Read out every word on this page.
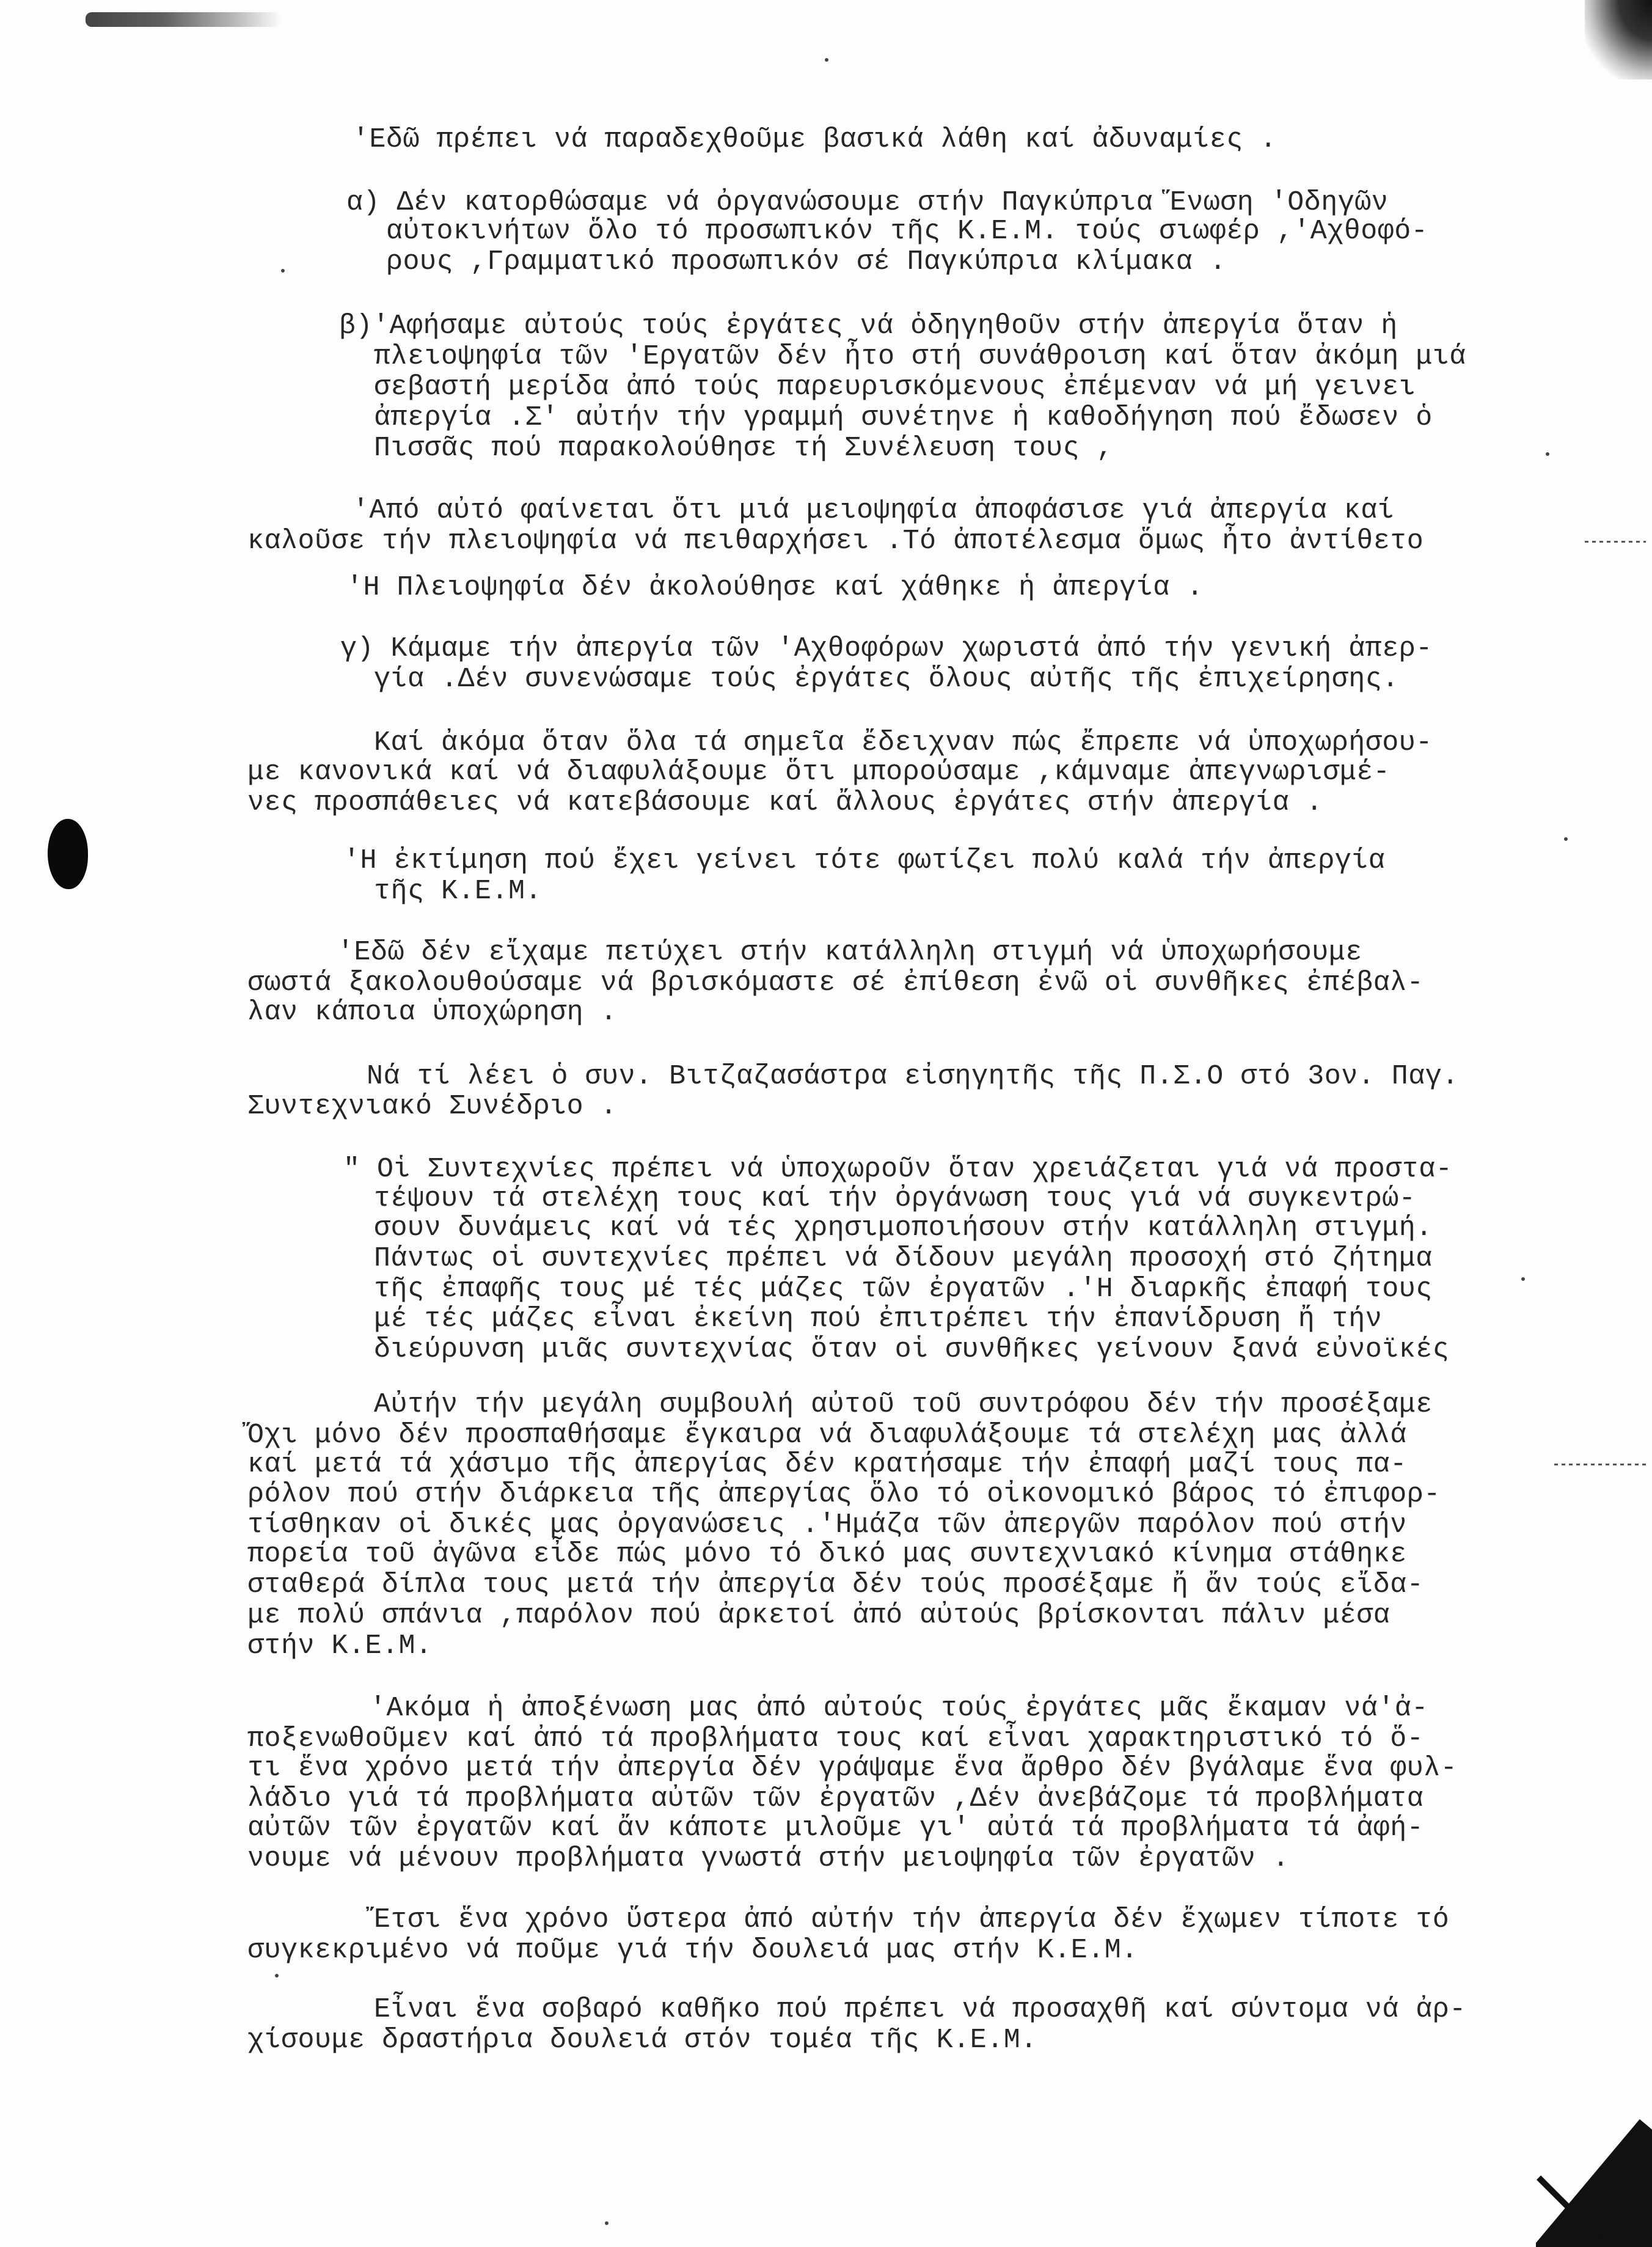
'Εδῶ πρέπει νά παραδεχθοῦμε βασικά λάθη καί ἀδυναμίες .
α) Δέν κατορθώσαμε νά ὀργανώσουμε στήν Παγκύπρια Ἕνωση 'Οδηγῶν
αὐτοκινήτων ὅλο τό προσωπικόν τῆς Κ.Ε.Μ. τούς σιωφέρ ,'Αχθοφό-
ρους ,Γραμματικό προσωπικόν σέ Παγκύπρια κλίμακα .
β)'Αφήσαμε αὐτούς τούς ἐργάτες νά ὁδηγηθοῦν στήν ἀπεργία ὅταν ἡ
πλειοψηφία τῶν 'Εργατῶν δέν ἦτο στή συνάθροιση καί ὅταν ἀκόμη μιά
σεβαστή μερίδα ἀπό τούς παρευρισκόμενους ἐπέμεναν νά μή γεινει
ἀπεργία .Σ' αὐτήν τήν γραμμή συνέτηνε ἡ καθοδήγηση πού ἔδωσεν ὁ
Πισσᾶς πού παρακολούθησε τή Συνέλευση τους ,
'Από αὐτό φαίνεται ὅτι μιά μειοψηφία ἀποφάσισε γιά ἀπεργία καί
καλοῦσε τήν πλειοψηφία νά πειθαρχήσει .Τό ἀποτέλεσμα ὅμως ἦτο ἀντίθετο
'Η Πλειοψηφία δέν ἀκολούθησε καί χάθηκε ἡ ἀπεργία .
γ) Κάμαμε τήν ἀπεργία τῶν 'Αχθοφόρων χωριστά ἀπό τήν γενική ἀπερ-
γία .Δέν συνενώσαμε τούς ἐργάτες ὅλους αὐτῆς τῆς ἐπιχείρησης.
Καί ἀκόμα ὅταν ὅλα τά σημεῖα ἔδειχναν πώς ἔπρεπε νά ὑποχωρήσου-
με κανονικά καί νά διαφυλάξουμε ὅτι μπορούσαμε ,κάμναμε ἀπεγνωρισμέ-
νες προσπάθειες νά κατεβάσουμε καί ἄλλους ἐργάτες στήν ἀπεργία .
'Η ἐκτίμηση πού ἔχει γείνει τότε φωτίζει πολύ καλά τήν ἀπεργία
τῆς Κ.Ε.Μ.
'Εδῶ δέν εἴχαμε πετύχει στήν κατάλληλη στιγμή νά ὑποχωρήσουμε
σωστά ξακολουθούσαμε νά βρισκόμαστε σέ ἐπίθεση ἐνῶ οἱ συνθῆκες ἐπέβαλ-
λαν κάποια ὑποχώρηση .
Νά τί λέει ὁ συν. Βιτζαζασάστρα εἰσηγητῆς τῆς Π.Σ.Ο στό 3ον. Παγ.
Συντεχνιακό Συνέδριο .
" Οἱ Συντεχνίες πρέπει νά ὑποχωροῦν ὅταν χρειάζεται γιά νά προστα-
τέψουν τά στελέχη τους καί τήν ὀργάνωση τους γιά νά συγκεντρώ-
σουν δυνάμεις καί νά τές χρησιμοποιήσουν στήν κατάλληλη στιγμή.
Πάντως οἱ συντεχνίες πρέπει νά δίδουν μεγάλη προσοχή στό ζήτημα
τῆς ἐπαφῆς τους μέ τές μάζες τῶν ἐργατῶν .'Η διαρκῆς ἐπαφή τους
μέ τές μάζες εἶναι ἐκείνη πού ἐπιτρέπει τήν ἐπανίδρυση ἤ τήν
διεύρυνση μιᾶς συντεχνίας ὅταν οἱ συνθῆκες γείνουν ξανά εὐνοϊκές
Αὐτήν τήν μεγάλη συμβουλή αὐτοῦ τοῦ συντρόφου δέν τήν προσέξαμε
Ὄχι μόνο δέν προσπαθήσαμε ἔγκαιρα νά διαφυλάξουμε τά στελέχη μας ἀλλά
καί μετά τά χάσιμο τῆς ἀπεργίας δέν κρατήσαμε τήν ἐπαφή μαζί τους πα-
ρόλον πού στήν διάρκεια τῆς ἀπεργίας ὅλο τό οἰκονομικό βάρος τό ἐπιφορ-
τίσθηκαν οἱ δικές μας ὀργανώσεις .'Ημάζα τῶν ἀπεργῶν παρόλον πού στήν
πορεία τοῦ ἀγῶνα εἶδε πώς μόνο τό δικό μας συντεχνιακό κίνημα στάθηκε
σταθερά δίπλα τους μετά τήν ἀπεργία δέν τούς προσέξαμε ἤ ἄν τούς εἴδα-
με πολύ σπάνια ,παρόλον πού ἀρκετοί ἀπό αὐτούς βρίσκονται πάλιν μέσα
στήν Κ.Ε.Μ.
'Ακόμα ἡ ἀποξένωση μας ἀπό αὐτούς τούς ἐργάτες μᾶς ἔκαμαν νά'ἀ-
ποξενωθοῦμεν καί ἀπό τά προβλήματα τους καί εἶναι χαρακτηριστικό τό ὅ-
τι ἕνα χρόνο μετά τήν ἀπεργία δέν γράψαμε ἕνα ἄρθρο δέν βγάλαμε ἕνα φυλ-
λάδιο γιά τά προβλήματα αὐτῶν τῶν ἐργατῶν ,Δέν ἀνεβάζομε τά προβλήματα
αὐτῶν τῶν ἐργατῶν καί ἄν κάποτε μιλοῦμε γι' αὐτά τά προβλήματα τά ἀφή-
νουμε νά μένουν προβλήματα γνωστά στήν μειοψηφία τῶν ἐργατῶν .
Ἔτσι ἕνα χρόνο ὕστερα ἀπό αὐτήν τήν ἀπεργία δέν ἔχωμεν τίποτε τό
συγκεκριμένο νά ποῦμε γιά τήν δουλειά μας στήν Κ.Ε.Μ.
Εἶναι ἕνα σοβαρό καθῆκο πού πρέπει νά προσαχθῆ καί σύντομα νά ἀρ-
χίσουμε δραστήρια δουλειά στόν τομέα τῆς Κ.Ε.Μ.
